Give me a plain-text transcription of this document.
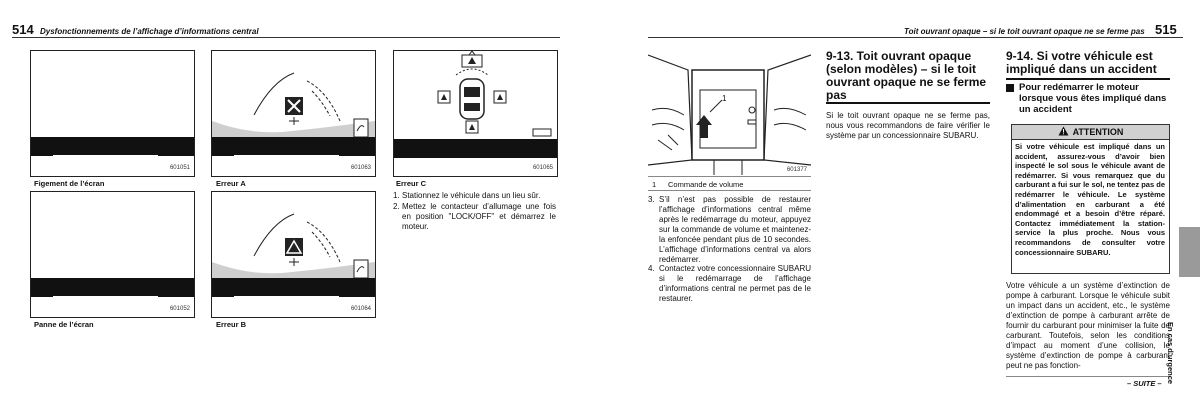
514 Dysfonctionnements de l’affichage d’informations central
601051
Figement de l’écran
601063
Erreur A
601052
Panne de l’écran
601064
Erreur B
601065
Erreur C
1. Stationnez le véhicule dans un lieu sûr.
2. Mettez le contacteur d’allumage une fois en position "LOCK/OFF" et démarrez le moteur.
Toit ouvrant opaque – si le toit ouvrant opaque ne se ferme pas 515
1
601377
1 Commande de volume
3. S’il n’est pas possible de restaurer l’affichage d’informations central même après le redémarrage du moteur, appuyez sur la commande de volume et maintenez-la enfoncée pendant plus de 10 secondes. L’affichage d’informations central va alors redémarrer.
4. Contactez votre concessionnaire SUBARU si le redémarrage de l’affichage d’informations central ne permet pas de le restaurer.
9-13. Toit ouvrant opaque (selon modèles) – si le toit ouvrant opaque ne se ferme pas
Si le toit ouvrant opaque ne se ferme pas, nous vous recommandons de faire vérifier le système par un concessionnaire SUBARU.
9-14. Si votre véhicule est impliqué dans un accident
Pour redémarrer le moteur lorsque vous êtes impliqué dans un accident
ATTENTION
Si votre véhicule est impliqué dans un accident, assurez-vous d’avoir bien inspecté le sol sous le véhicule avant de redémarrer. Si vous remarquez que du carburant a fui sur le sol, ne tentez pas de redémarrer le véhicule. Le système d’alimentation en carburant a été endommagé et a besoin d’être réparé. Contactez immédiatement la station-service la plus proche. Nous vous recommandons de consulter votre concessionnaire SUBARU.
Votre véhicule a un système d’extinction de pompe à carburant. Lorsque le véhicule subit un impact dans un accident, etc., le système d’extinction de pompe à carburant arrête de fournir du carburant pour minimiser la fuite de carburant. Toutefois, selon les conditions d’impact au moment d’une collision, le système d’extinction de pompe à carburant peut ne pas fonction-
– SUITE – En cas d’urgence
